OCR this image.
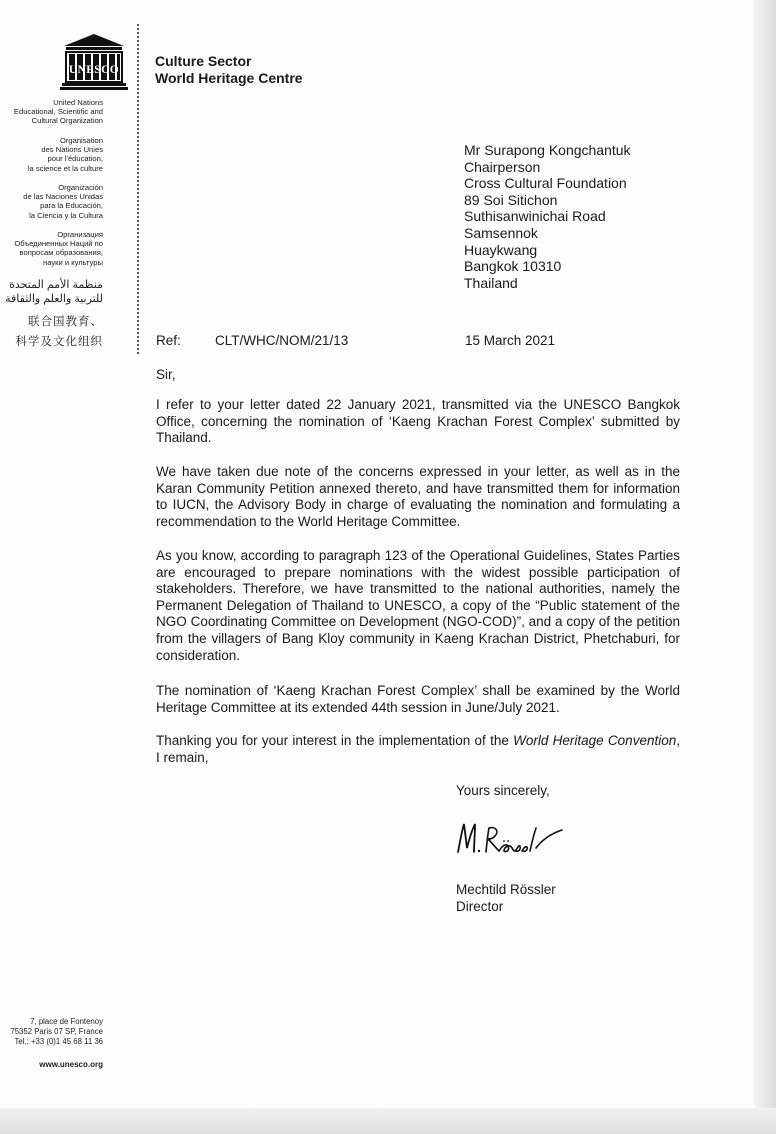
UNESCO
United Nations
Educational, Scientific and
Cultural Organization
Organisation
des Nations Unies
pour l'éducation,
la science et la culture
Organización
de las Naciones Unidas
para la Educación,
la Ciencia y la Cultura
Организация
Объединенных Наций по
вопросам образования,
науки и культуры
منظمة الأمم المتحدة
للتربية والعلم والثقافة
联合国教育、
科学及文化组织
7, place de Fontenoy
75352 Paris 07 SP, France
Tel.: +33 (0)1 45 68 11 36
www.unesco.org
Culture Sector
World Heritage Centre
Mr Surapong Kongchantuk
Chairperson
Cross Cultural Foundation
89 Soi Sitichon
Suthisanwinichai Road
Samsennok
Huaykwang
Bangkok 10310
Thailand
Ref:	CLT/WHC/NOM/21/13	15 March 2021
Sir,

I refer to your letter dated 22 January 2021, transmitted via the UNESCO Bangkok Office, concerning the nomination of ‘Kaeng Krachan Forest Complex’ submitted by Thailand.

We have taken due note of the concerns expressed in your letter, as well as in the Karan Community Petition annexed thereto, and have transmitted them for information to IUCN, the Advisory Body in charge of evaluating the nomination and formulating a recommendation to the World Heritage Committee.

As you know, according to paragraph 123 of the Operational Guidelines, States Parties are encouraged to prepare nominations with the widest possible participation of stakeholders. Therefore, we have transmitted to the national authorities, namely the Permanent Delegation of Thailand to UNESCO, a copy of the “Public statement of the NGO Coordinating Committee on Development (NGO-COD)”, and a copy of the petition from the villagers of Bang Kloy community in Kaeng Krachan District, Phetchaburi, for consideration.

The nomination of ‘Kaeng Krachan Forest Complex’ shall be examined by the World Heritage Committee at its extended 44th session in June/July 2021.

Thanking you for your interest in the implementation of the World Heritage Convention, I remain,

Yours sincerely,
Mechtild Rössler
Director
